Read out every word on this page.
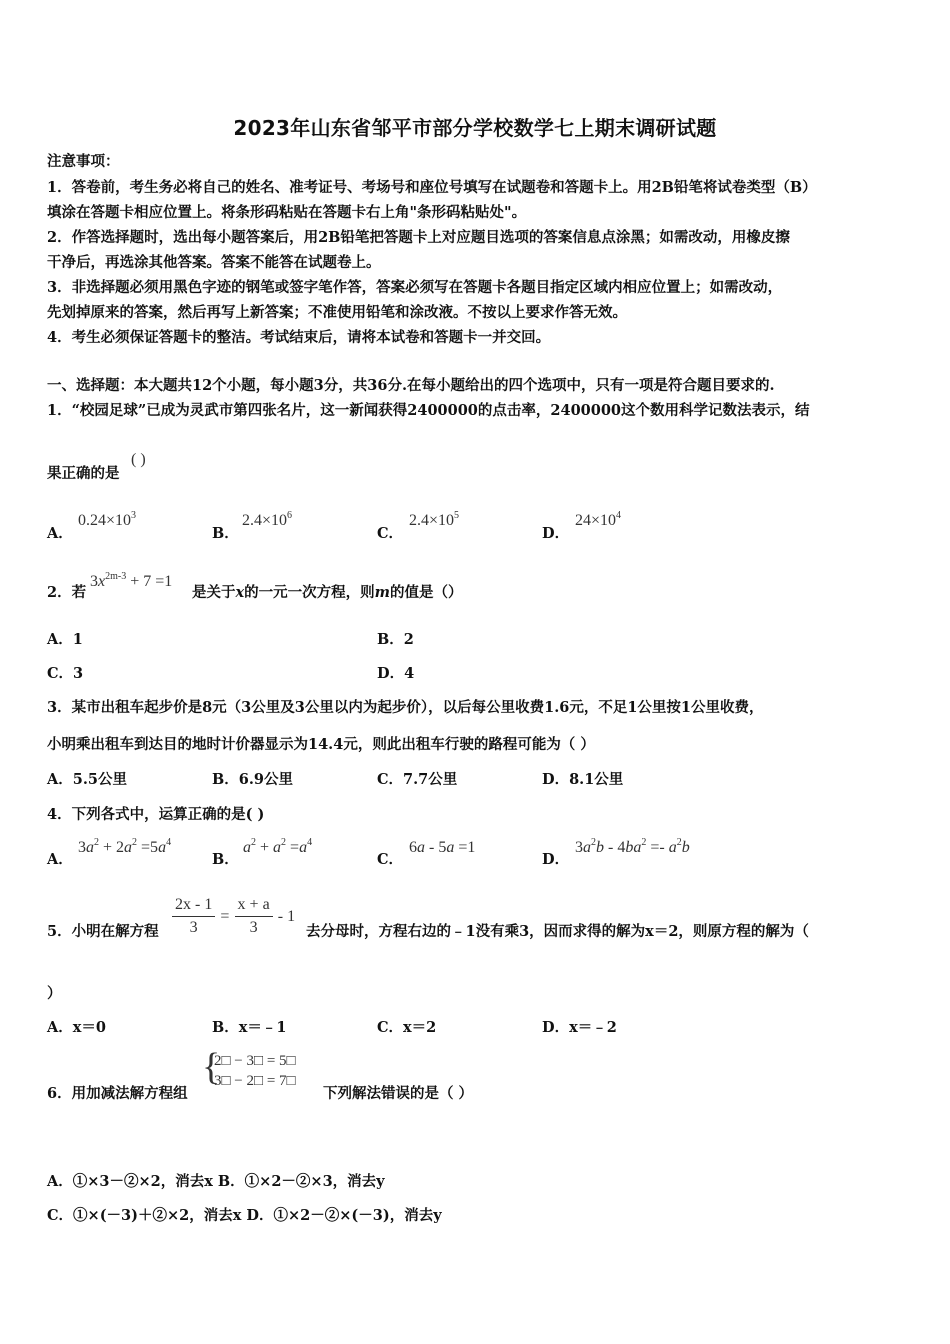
2023年山东省邹平市部分学校数学七上期末调研试题
注意事项：
1．答卷前，考生务必将自己的姓名、准考证号、考场号和座位号填写在试题卷和答题卡上。用2B铅笔将试卷类型（B）
填涂在答题卡相应位置上。将条形码粘贴在答题卡右上角"条形码粘贴处"。
2．作答选择题时，选出每小题答案后，用2B铅笔把答题卡上对应题目选项的答案信息点涂黑；如需改动，用橡皮擦
干净后，再选涂其他答案。答案不能答在试题卷上。
3．非选择题必须用黑色字迹的钢笔或签字笔作答，答案必须写在答题卡各题目指定区域内相应位置上；如需改动，
先划掉原来的答案，然后再写上新答案；不准使用铅笔和涂改液。不按以上要求作答无效。
4．考生必须保证答题卡的整洁。考试结束后，请将本试卷和答题卡一并交回。
一、选择题：本大题共12个小题，每小题3分，共36分.在每小题给出的四个选项中，只有一项是符合题目要求的.
1．“校园足球”已成为灵武市第四张名片，这一新闻获得2400000的点击率，2400000这个数用科学记数法表示，结
果正确的是
( )
A．
$0.24\times 10^3$
B．
$2.4\times 10^6$
C．
$2.4\times 10^5$
D．
$24\times 10^4$
2．若
$3x^{2m-3} + 7 =1$
是关于x的一元一次方程，则m的值是（）
A．1	B．2
C．3	D．4
3．某市出租车起步价是8元（3公里及3公里以内为起步价），以后每公里收费1.6元，不足1公里按1公里收费，
小明乘出租车到达目的地时计价器显示为14.4元，则此出租车行驶的路程可能为（ ）
A．5.5公里	B．6.9公里	C．7.7公里	D．8.1公里
4．下列各式中，运算正确的是( )
A．
$3a^2 + 2a^2 =5a^4$
B．
$a^2 + a^2 =a^4$
C．
6a - 5a =1
D．
$3a^2b - 4ba^2 =- a^2b$
5．小明在解方程 $\frac{2x - 1}{3} = \frac{x + a}{3} - 1$
去分母时，方程右边的﹣1没有乘3，因而求得的解为x＝2，则原方程的解为（
）
A．x＝0	B．x＝﹣1	C．x＝2	D．x＝﹣2
6．用加减法解方程组
{
2□ − 3□ = 5□
3□ − 2□ = 7□
下列解法错误的是（ ）
A．①×3－②×2，消去x B．①×2－②×3，消去y
C．①×(－3)＋②×2，消去x D．①×2－②×(－3)，消去y
